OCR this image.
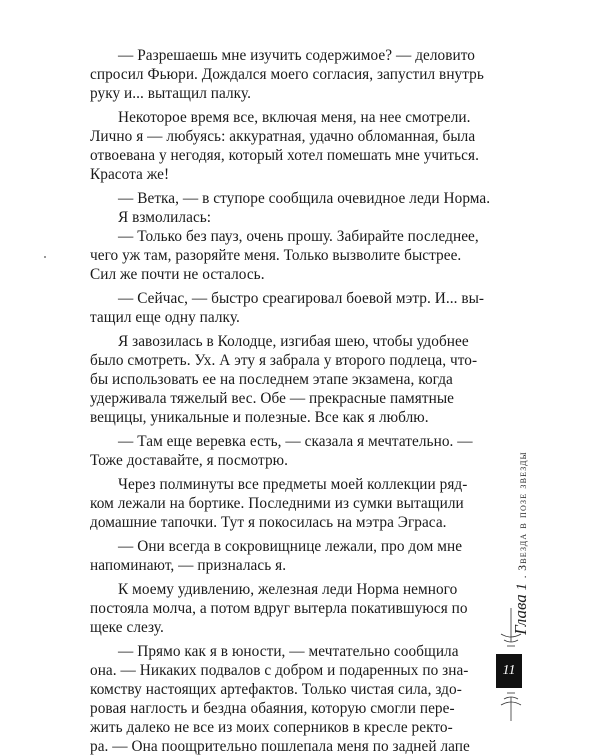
— Разрешаешь мне изучить содержимое? — деловито
спросил Фьюри. Дождался моего согласия, запустил внутрь
руку и... вытащил палку.
Некоторое время все, включая меня, на нее смотрели.
Лично я — любуясь: аккуратная, удачно обломанная, была
отвоевана у негодяя, который хотел помешать мне учиться.
Красота же!
— Ветка, — в ступоре сообщила очевидное леди Норма.
Я взмолилась:
— Только без пауз, очень прошу. Забирайте последнее,
чего уж там, разоряйте меня. Только вызволите быстрее.
Сил же почти не осталось.
— Сейчас, — быстро среагировал боевой мэтр. И... вы-
тащил еще одну палку.
Я завозилась в Колодце, изгибая шею, чтобы удобнее
было смотреть. Ух. А эту я забрала у второго подлеца, что-
бы использовать ее на последнем этапе экзамена, когда
удерживала тяжелый вес. Обе — прекрасные памятные
вещицы, уникальные и полезные. Все как я люблю.
— Там еще веревка есть, — сказала я мечтательно. —
Тоже доставайте, я посмотрю.
Через полминуты все предметы моей коллекции ряд-
ком лежали на бортике. Последними из сумки вытащили
домашние тапочки. Тут я покосилась на мэтра Эграса.
— Они всегда в сокровищнице лежали, про дом мне
напоминают, — призналась я.
К моему удивлению, железная леди Норма немного
постояла молча, а потом вдруг вытерла покатившуюся по
щеке слезу.
— Прямо как я в юности, — мечтательно сообщила
она. — Никаких подвалов с добром и подаренных по зна-
комству настоящих артефактов. Только чистая сила, здо-
ровая наглость и бездна обаяния, которую смогли пере-
жить далеко не все из моих соперников в кресле ректо-
ра. — Она поощрительно пошлепала меня по задней лапе
Глава 1 . Звезда в позе звезды
11
